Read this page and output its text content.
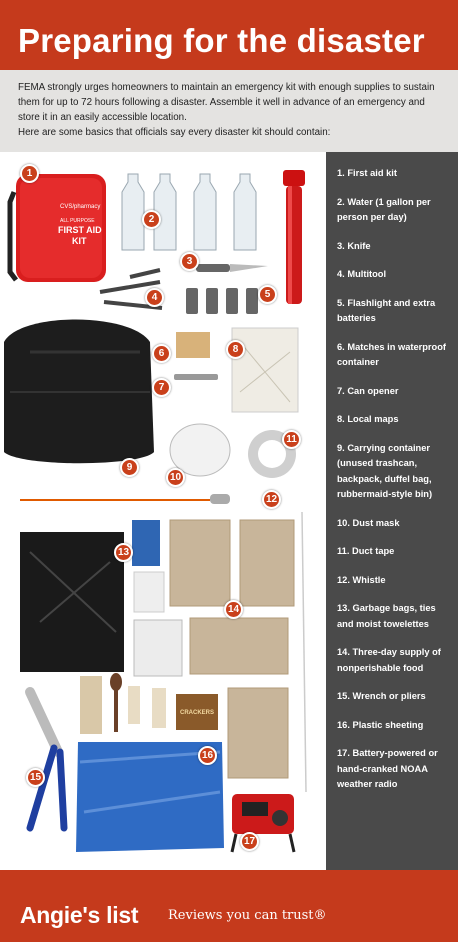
Preparing for the disaster

FEMA strongly urges homeowners to maintain an emergency kit with enough supplies to sustain them for up to 72 hours following a disaster. Assemble it well in advance of an emergency and store it in an easily accessible location.

Here are some basics that officials say every disaster kit should contain:

CVS/pharmacy
ALL PURPOSE
FIRST AID
KIT
CRACKERS
1
2
3
4	5
6	8
7
11
9
10
12
13
14
16
15
17
1. First aid kit
2. Water (1 gallon per person per day)
3. Knife
4. Multitool
5. Flashlight and extra batteries
6. Matches in waterproof container
7. Can opener
8. Local maps
9. Carrying container (unused trashcan, backpack, duffel bag, rubbermaid-style bin)
10. Dust mask
11. Duct tape
12. Whistle
13. Garbage bags, ties and moist towelettes
14. Three-day supply of nonperishable food
15. Wrench or pliers
16. Plastic sheeting
17. Battery-powered or hand-cranked NOAA weather radio
Angie's list Reviews you can trust®
